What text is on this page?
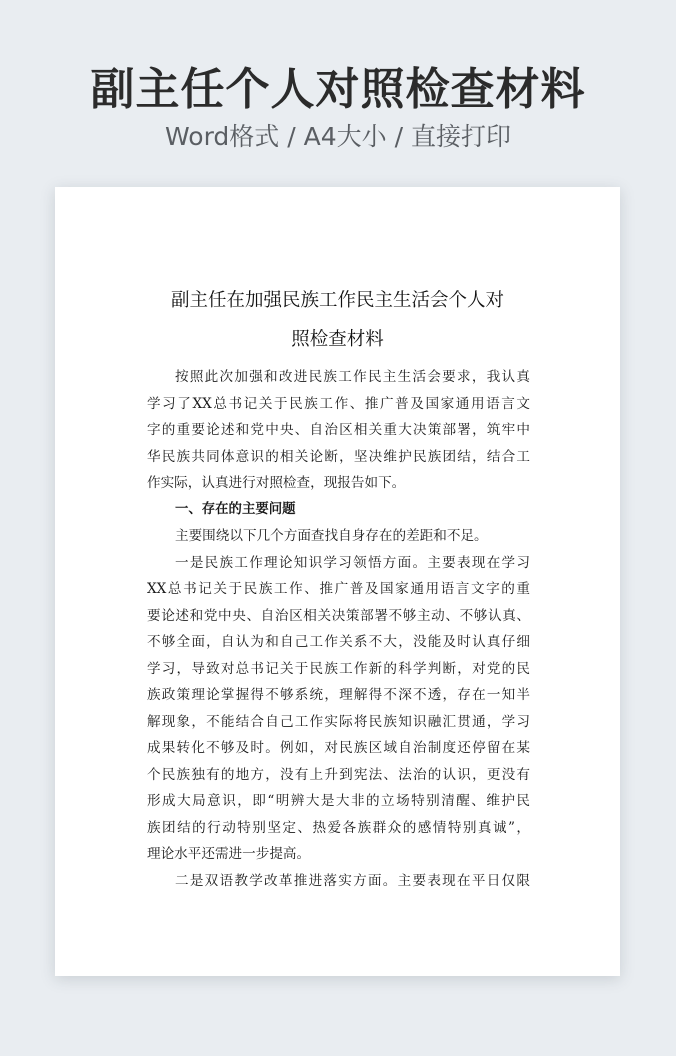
副主任个人对照检查材料
Word格式 / A4大小 / 直接打印
副主任在加强民族工作民主生活会个人对
照检查材料
按照此次加强和改进民族工作民主生活会要求，我认真
学习了XX总书记关于民族工作、推广普及国家通用语言文
字的重要论述和党中央、自治区相关重大决策部署，筑牢中
华民族共同体意识的相关论断，坚决维护民族团结，结合工
作实际，认真进行对照检查，现报告如下。
一、存在的主要问题
主要围绕以下几个方面查找自身存在的差距和不足。
一是民族工作理论知识学习领悟方面。主要表现在学习
XX总书记关于民族工作、推广普及国家通用语言文字的重
要论述和党中央、自治区相关决策部署不够主动、不够认真、
不够全面，自认为和自己工作关系不大，没能及时认真仔细
学习，导致对总书记关于民族工作新的科学判断，对党的民
族政策理论掌握得不够系统，理解得不深不透，存在一知半
解现象，不能结合自己工作实际将民族知识融汇贯通，学习
成果转化不够及时。例如，对民族区域自治制度还停留在某
个民族独有的地方，没有上升到宪法、法治的认识，更没有
形成大局意识，即“明辨大是大非的立场特别清醒、维护民
族团结的行动特别坚定、热爱各族群众的感情特别真诚”，
理论水平还需进一步提高。
二是双语教学改革推进落实方面。主要表现在平日仅限
